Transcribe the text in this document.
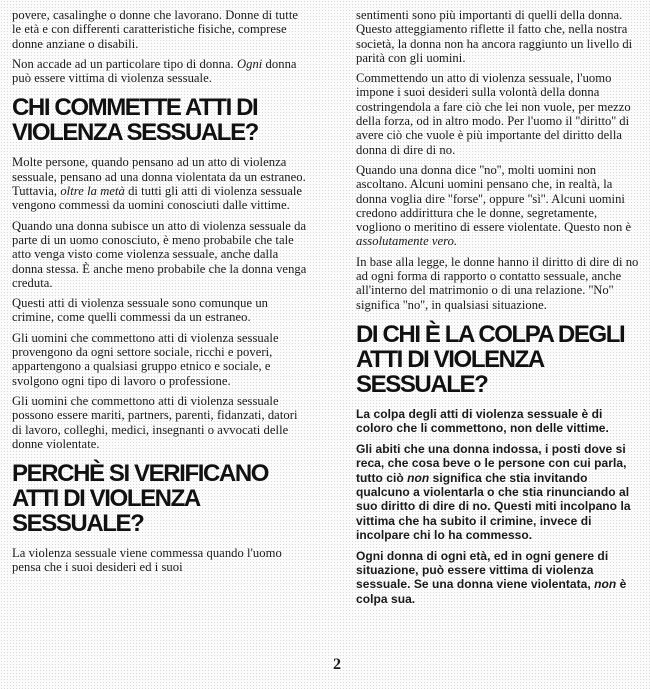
povere, casalinghe o donne che lavorano. Donne di tutte le età e con differenti caratteristiche fisiche, comprese donne anziane o disabili.

Non accade ad un particolare tipo di donna. Ogni donna può essere vittima di violenza sessuale.

CHI COMMETTE ATTI DI VIOLENZA SESSUALE?

Molte persone, quando pensano ad un atto di violenza sessuale, pensano ad una donna violentata da un estraneo. Tuttavia, oltre la metà di tutti gli atti di violenza sessuale vengono commessi da uomini conosciuti dalle vittime.

Quando una donna subisce un atto di violenza sessuale da parte di un uomo conosciuto, è meno probabile che tale atto venga visto come violenza sessuale, anche dalla donna stessa. È anche meno probabile che la donna venga creduta.

Questi atti di violenza sessuale sono comunque un crimine, come quelli commessi da un estraneo.

Gli uomini che commettono atti di violenza sessuale provengono da ogni settore sociale, ricchi e poveri, appartengono a qualsiasi gruppo etnico e sociale, e svolgono ogni tipo di lavoro o professione.

Gli uomini che commettono atti di violenza sessuale possono essere mariti, partners, parenti, fidanzati, datori di lavoro, colleghi, medici, insegnanti o avvocati delle donne violentate.

PERCHÈ SI VERIFICANO ATTI DI VIOLENZA SESSUALE?

La violenza sessuale viene commessa quando l'uomo pensa che i suoi desideri ed i suoi

sentimenti sono più importanti di quelli della donna. Questo atteggiamento riflette il fatto che, nella nostra società, la donna non ha ancora raggiunto un livello di parità con gli uomini.

Commettendo un atto di violenza sessuale, l'uomo impone i suoi desideri sulla volontà della donna costringendola a fare ciò che lei non vuole, per mezzo della forza, od in altro modo. Per l'uomo il ''diritto'' di avere ciò che vuole è più importante del diritto della donna di dire di no.

Quando una donna dice ''no'', molti uomini non ascoltano. Alcuni uomini pensano che, in realtà, la donna voglia dire ''forse'', oppure ''sì''. Alcuni uomini credono addirittura che le donne, segretamente, vogliono o meritino di essere violentate. Questo non è assolutamente vero.

In base alla legge, le donne hanno il diritto di dire di no ad ogni forma di rapporto o contatto sessuale, anche all'interno del matrimonio o di una relazione. ''No'' significa ''no'', in qualsiasi situazione.

DI CHI È LA COLPA DEGLI ATTI DI VIOLENZA SESSUALE?

La colpa degli atti di violenza sessuale è di coloro che li commettono, non delle vittime.

Gli abiti che una donna indossa, i posti dove si reca, che cosa beve o le persone con cui parla, tutto ciò non significa che stia invitando qualcuno a violentarla o che stia rinunciando al suo diritto di dire di no. Questi miti incolpano la vittima che ha subito il crimine, invece di incolpare chi lo ha commesso.

Ogni donna di ogni età, ed in ogni genere di situazione, può essere vittima di violenza sessuale. Se una donna viene violentata, non è colpa sua.

2
